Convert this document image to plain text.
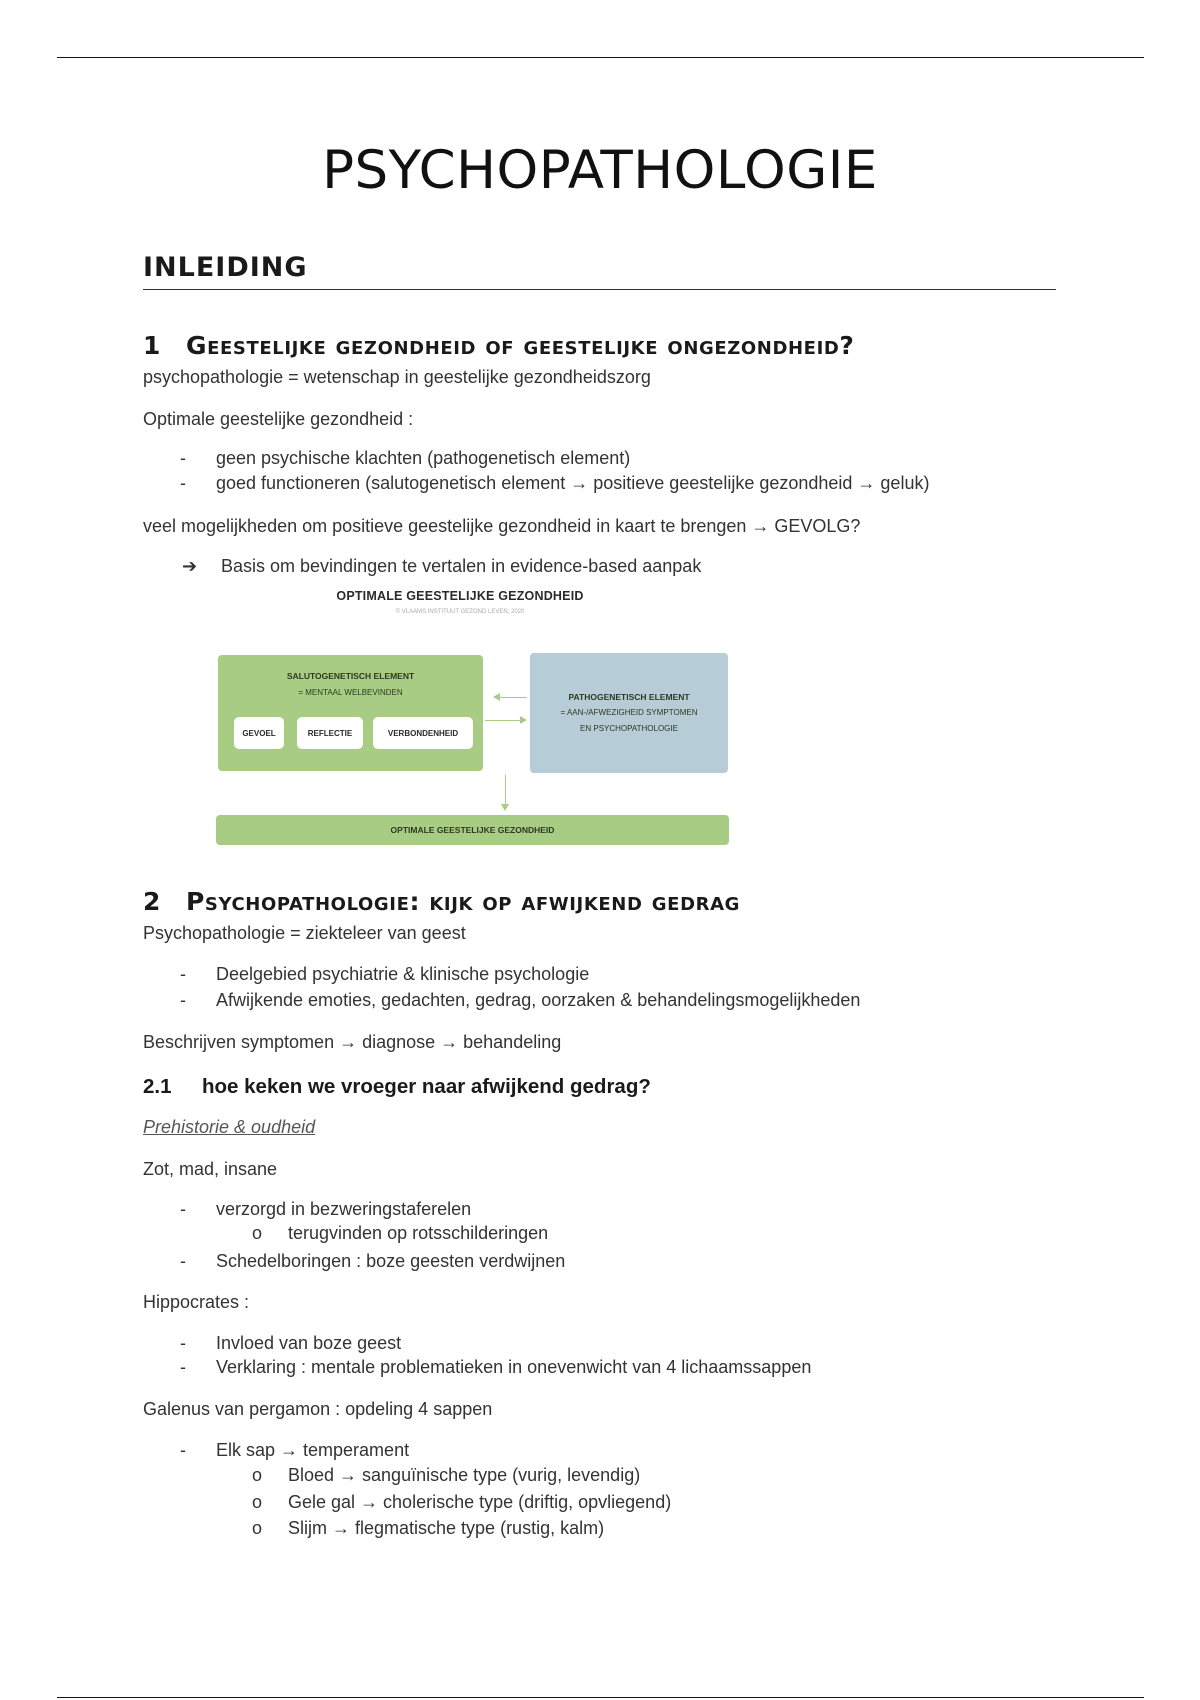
PSYCHOPATHOLOGIE
INLEIDING
1 Geestelijke gezondheid of geestelijke ongezondheid?

psychopathologie = wetenschap in geestelijke gezondheidszorg

Optimale geestelijke gezondheid :

- geen psychische klachten (pathogenetisch element)
- goed functioneren (salutogenetisch element → positieve geestelijke gezondheid → geluk)

veel mogelijkheden om positieve geestelijke gezondheid in kaart te brengen → GEVOLG?

➔ Basis om bevindingen te vertalen in evidence-based aanpak
OPTIMALE GEESTELIJKE GEZONDHEID
© VLAAMS INSTITUUT GEZOND LEVEN, 2020
SALUTOGENETISCH ELEMENT
= MENTAAL WELBEVINDEN
GEVOEL	REFLECTIE	VERBONDENHEID
PATHOGENETISCH ELEMENT
= AAN-/AFWEZIGHEID SYMPTOMEN
EN PSYCHOPATHOLOGIE
OPTIMALE GEESTELIJKE GEZONDHEID
2 Psychopathologie: kijk op afwijkend gedrag

Psychopathologie = ziekteleer van geest

- Deelgebied psychiatrie & klinische psychologie
- Afwijkende emoties, gedachten, gedrag, oorzaken & behandelingsmogelijkheden

Beschrijven symptomen → diagnose → behandeling

2.1 hoe keken we vroeger naar afwijkend gedrag?

Prehistorie & oudheid

Zot, mad, insane

- verzorgd in bezweringstaferelen
o terugvinden op rotsschilderingen
- Schedelboringen : boze geesten verdwijnen

Hippocrates :

- Invloed van boze geest
- Verklaring : mentale problematieken in onevenwicht van 4 lichaamssappen

Galenus van pergamon : opdeling 4 sappen

- Elk sap → temperament
o Bloed → sanguïnische type (vurig, levendig)
o Gele gal → cholerische type (driftig, opvliegend)
o Slijm → flegmatische type (rustig, kalm)
